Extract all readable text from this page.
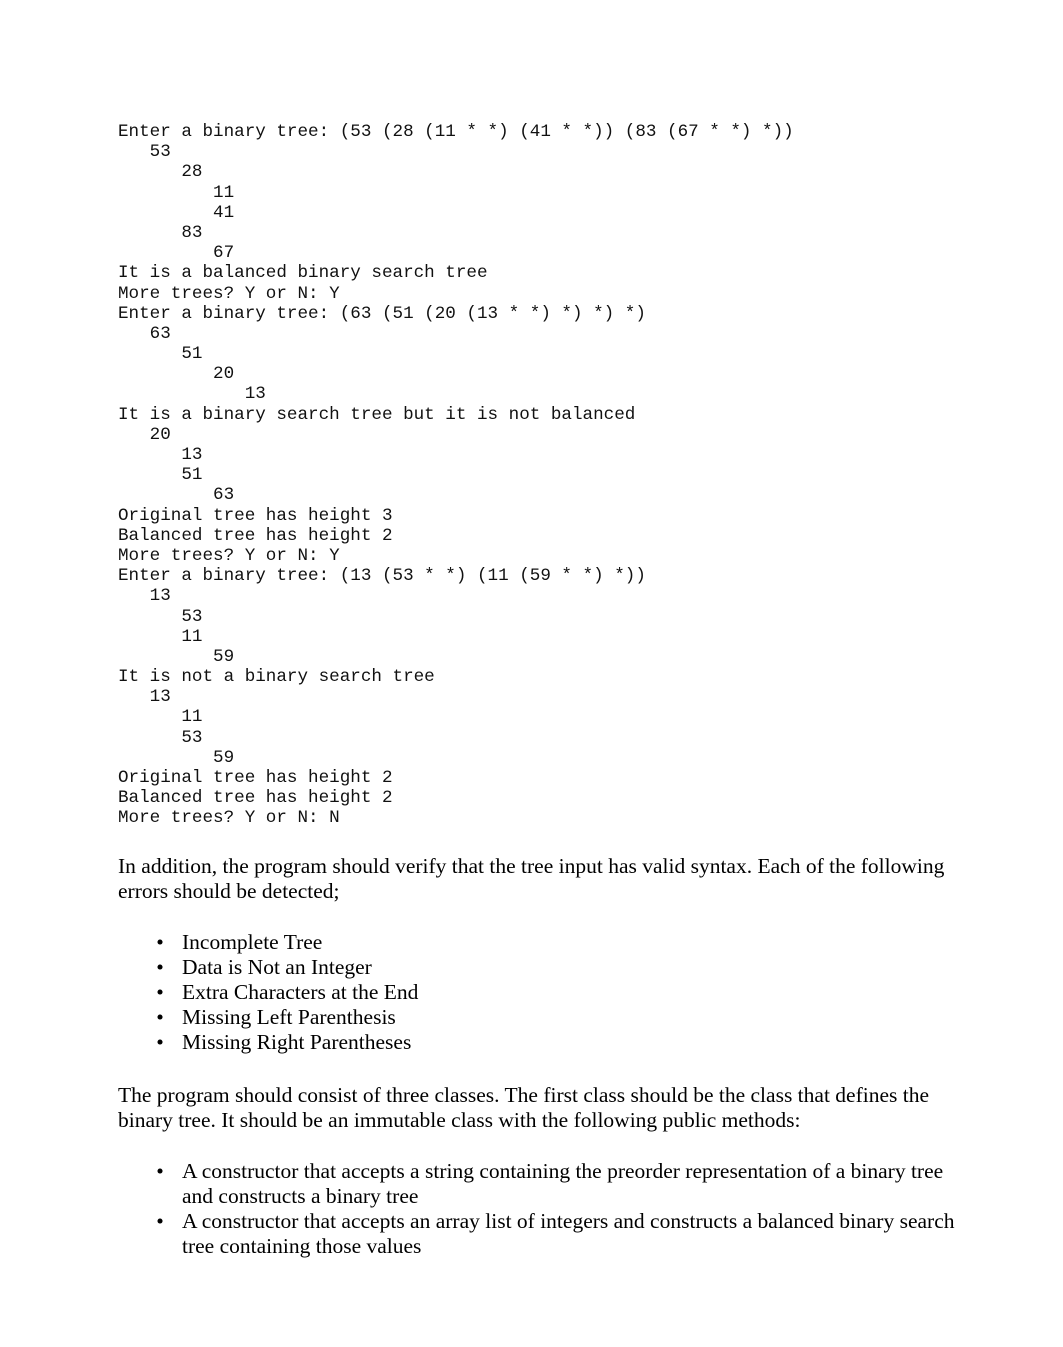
Enter a binary tree: (53 (28 (11 * *) (41 * *)) (83 (67 * *) *))
53
28
11
41
83
67
It is a balanced binary search tree
More trees? Y or N: Y
Enter a binary tree: (63 (51 (20 (13 * *) *) *) *)
63
51
20
13
It is a binary search tree but it is not balanced
20
13
51
63
Original tree has height 3
Balanced tree has height 2
More trees? Y or N: Y
Enter a binary tree: (13 (53 * *) (11 (59 * *) *))
13
53
11
59
It is not a binary search tree
13
11
53
59
Original tree has height 2
Balanced tree has height 2
More trees? Y or N: N

In addition, the program should verify that the tree input has valid syntax. Each of the following errors should be detected;

• Incomplete Tree
• Data is Not an Integer
• Extra Characters at the End
• Missing Left Parenthesis
• Missing Right Parentheses

The program should consist of three classes. The first class should be the class that defines the binary tree. It should be an immutable class with the following public methods:

• A constructor that accepts a string containing the preorder representation of a binary tree and constructs a binary tree
• A constructor that accepts an array list of integers and constructs a balanced binary search tree containing those values
